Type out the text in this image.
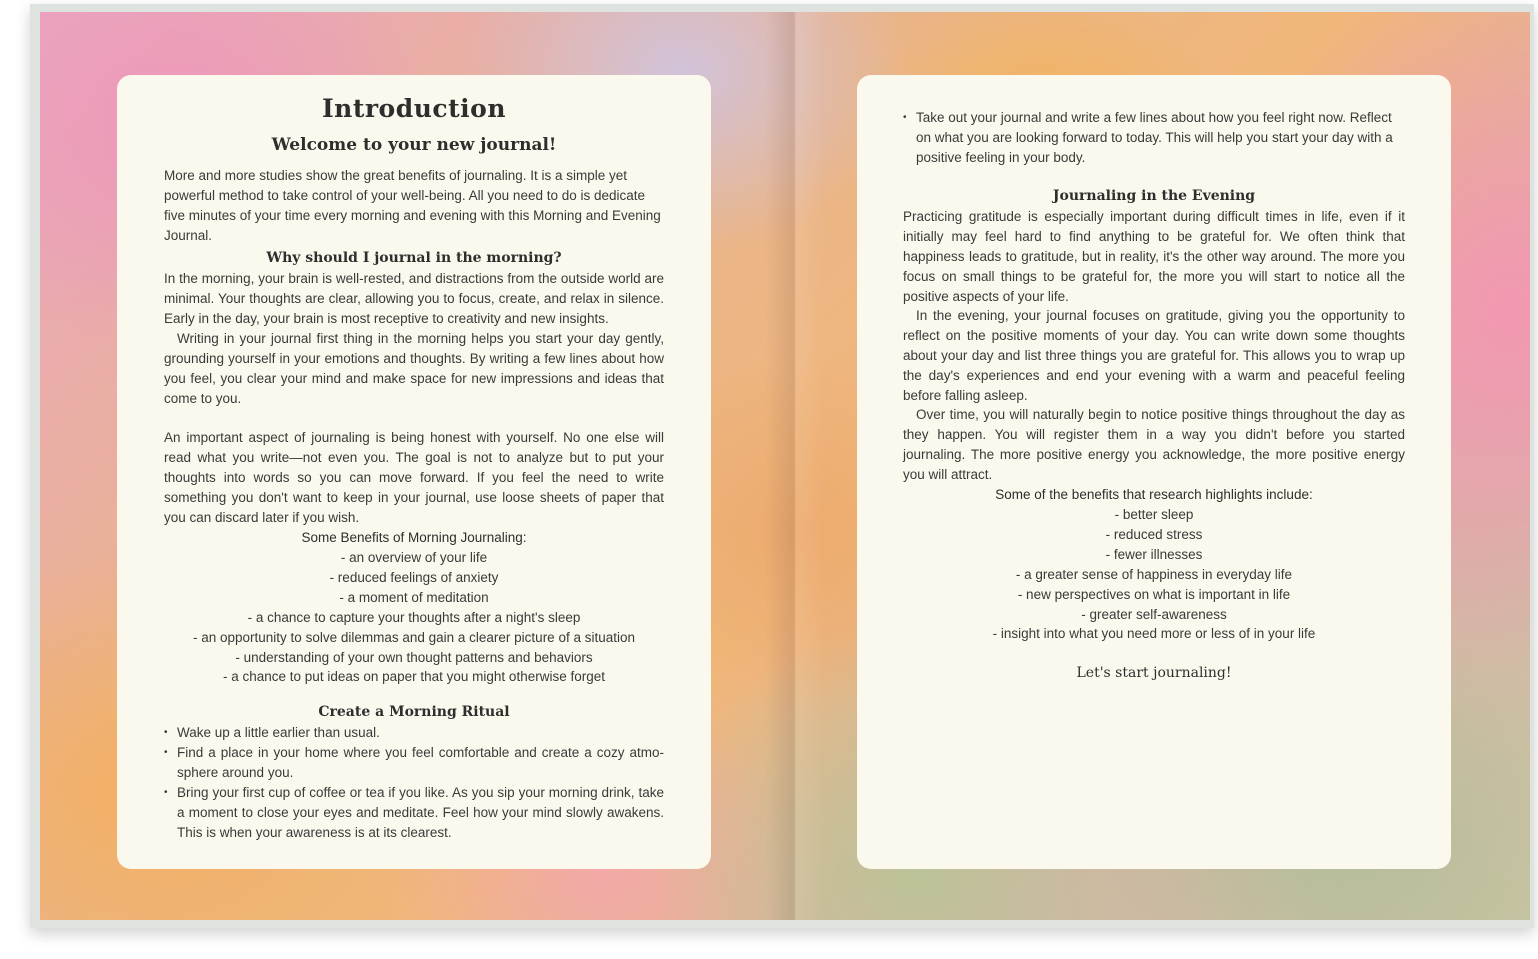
Introduction
Welcome to your new journal!

More and more studies show the great benefits of journaling. It is a simple yet powerful method to take control of your well-being. All you need to do is dedicate five minutes of your time every morning and evening with this Morning and Evening Journal.

Why should I journal in the morning?

In the morning, your brain is well-rested, and distractions from the outside world are minimal. Your thoughts are clear, allowing you to focus, create, and relax in silence. Early in the day, your brain is most receptive to creativity and new insights.

Writing in your journal first thing in the morning helps you start your day gently, grounding yourself in your emotions and thoughts. By writing a few lines about how you feel, you clear your mind and make space for new impressions and ideas that come to you.

An important aspect of journaling is being honest with yourself. No one else will read what you write—not even you. The goal is not to analyze but to put your thoughts into words so you can move forward. If you feel the need to write something you don't want to keep in your journal, use loose sheets of paper that you can discard later if you wish.

Some Benefits of Morning Journaling:
- an overview of your life
- reduced feelings of anxiety
- a moment of meditation
- a chance to capture your thoughts after a night's sleep
- an opportunity to solve dilemmas and gain a clearer picture of a situation
- understanding of your own thought patterns and behaviors
- a chance to put ideas on paper that you might otherwise forget
Create a Morning Ritual
• Wake up a little earlier than usual.
• Find a place in your home where you feel comfortable and create a cozy atmo-sphere around you.
• Bring your first cup of coffee or tea if you like. As you sip your morning drink, take a moment to close your eyes and meditate. Feel how your mind slowly awakens. This is when your awareness is at its clearest.
• Take out your journal and write a few lines about how you feel right now. Reflect on what you are looking forward to today. This will help you start your day with a positive feeling in your body.
Journaling in the Evening

Practicing gratitude is especially important during difficult times in life, even if it initially may feel hard to find anything to be grateful for. We often think that happiness leads to gratitude, but in reality, it's the other way around. The more you focus on small things to be grateful for, the more you will start to notice all the positive aspects of your life.

In the evening, your journal focuses on gratitude, giving you the opportunity to reflect on the positive moments of your day. You can write down some thoughts about your day and list three things you are grateful for. This allows you to wrap up the day's experiences and end your evening with a warm and peaceful feeling before falling asleep.

Over time, you will naturally begin to notice positive things throughout the day as they happen. You will register them in a way you didn't before you started journaling. The more positive energy you acknowledge, the more positive energy you will attract.

Some of the benefits that research highlights include:
- better sleep
- reduced stress
- fewer illnesses
- a greater sense of happiness in everyday life
- new perspectives on what is important in life
- greater self-awareness
- insight into what you need more or less of in your life

Let's start journaling!
